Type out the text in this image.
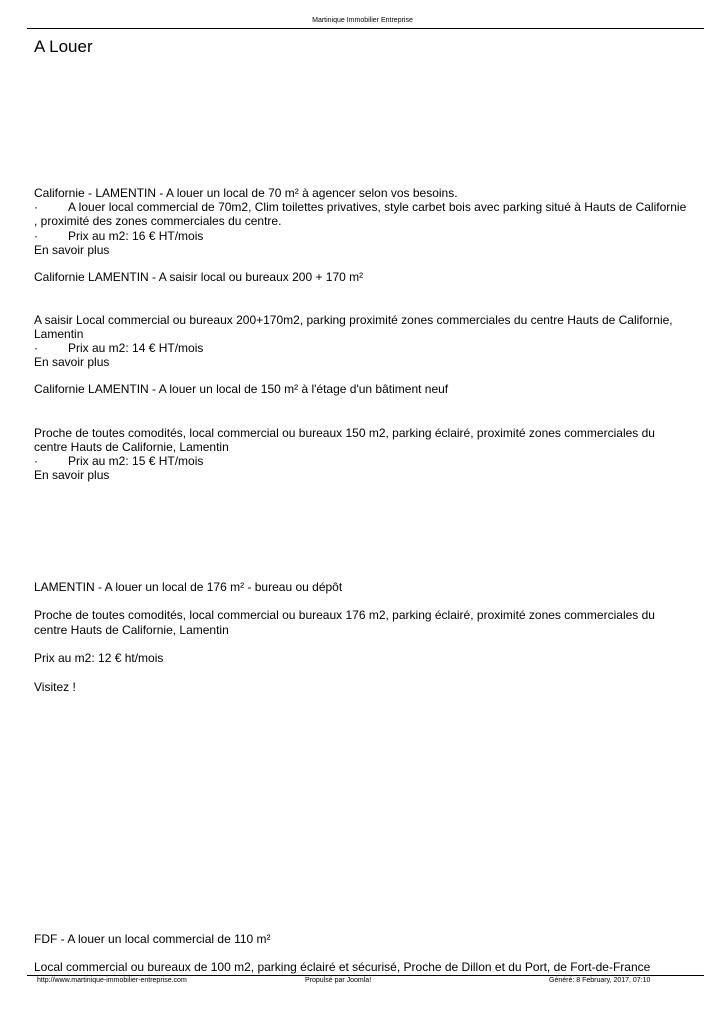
Martinique Immobilier Entreprise
A Louer
Californie - LAMENTIN - A louer un local de 70 m² à agencer selon vos besoins.
·	A louer local commercial de 70m2, Clim toilettes privatives, style carbet bois avec parking situé à Hauts de Californie
, proximité des zones commerciales du centre.
·	Prix au m2: 16 € HT/mois
En savoir plus
Californie LAMENTIN - A saisir local ou bureaux 200 + 170 m²
A saisir Local commercial ou bureaux 200+170m2, parking proximité zones commerciales du centre Hauts de Californie,
Lamentin
·	Prix au m2: 14 € HT/mois
En savoir plus
Californie LAMENTIN - A louer un local de 150 m² à l'étage d'un bâtiment neuf
Proche de toutes comodités, local commercial ou bureaux 150 m2, parking éclairé, proximité zones commerciales du
centre Hauts de Californie, Lamentin
·	Prix au m2: 15 € HT/mois
En savoir plus
LAMENTIN - A louer un local de 176 m² - bureau ou dépôt
Proche de toutes comodités, local commercial ou bureaux 176 m2, parking éclairé, proximité zones commerciales du
centre Hauts de Californie, Lamentin
Prix au m2: 12 € ht/mois
Visitez !
FDF - A louer un local commercial de 110 m²
Local commercial ou bureaux de 100 m2, parking éclairé et sécurisé, Proche de Dillon et du Port, de Fort-de-France
http://www.martinique-immobilier-entreprise.com	Propulsé par Joomla!	Généré: 8 February, 2017, 07:10
